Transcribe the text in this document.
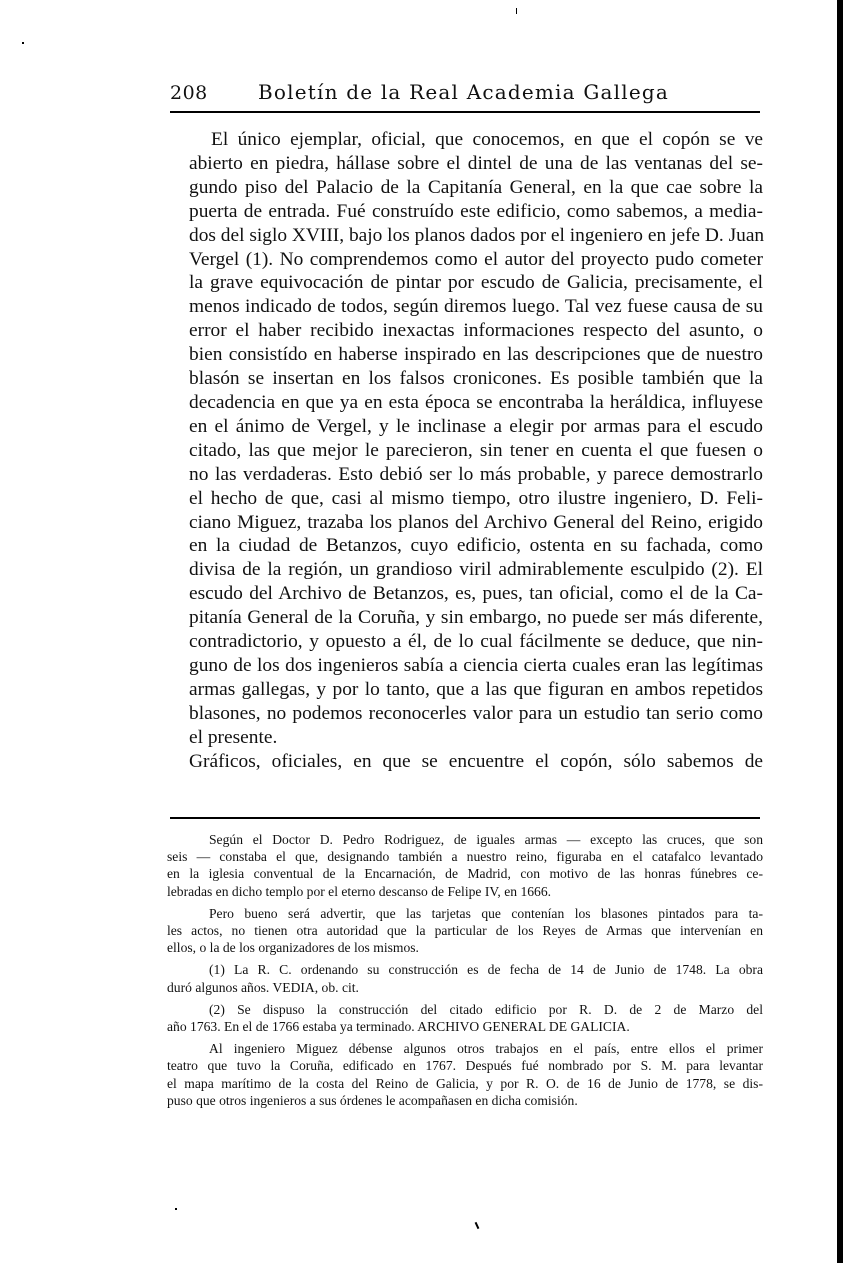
208	Boletín de la Real Academia Gallega

El único ejemplar, oficial, que conocemos, en que el copón se ve
abierto en piedra, hállase sobre el dintel de una de las ventanas del se-
gundo piso del Palacio de la Capitanía General, en la que cae sobre la
puerta de entrada. Fué construído este edificio, como sabemos, a media-
dos del siglo XVIII, bajo los planos dados por el ingeniero en jefe D. Juan
Vergel (1). No comprendemos como el autor del proyecto pudo cometer
la grave equivocación de pintar por escudo de Galicia, precisamente, el
menos indicado de todos, según diremos luego. Tal vez fuese causa de su
error el haber recibido inexactas informaciones respecto del asunto, o
bien consistído en haberse inspirado en las descripciones que de nuestro
blasón se insertan en los falsos cronicones. Es posible también que la
decadencia en que ya en esta época se encontraba la heráldica, influyese
en el ánimo de Vergel, y le inclinase a elegir por armas para el escudo
citado, las que mejor le parecieron, sin tener en cuenta el que fuesen o
no las verdaderas. Esto debió ser lo más probable, y parece demostrarlo
el hecho de que, casi al mismo tiempo, otro ilustre ingeniero, D. Feli-
ciano Miguez, trazaba los planos del Archivo General del Reino, erigido
en la ciudad de Betanzos, cuyo edificio, ostenta en su fachada, como
divisa de la región, un grandioso viril admirablemente esculpido (2). El
escudo del Archivo de Betanzos, es, pues, tan oficial, como el de la Ca-
pitanía General de la Coruña, y sin embargo, no puede ser más diferente,
contradictorio, y opuesto a él, de lo cual fácilmente se deduce, que nin-
guno de los dos ingenieros sabía a ciencia cierta cuales eran las legítimas
armas gallegas, y por lo tanto, que a las que figuran en ambos repetidos
blasones, no podemos reconocerles valor para un estudio tan serio como
el presente.

Gráficos, oficiales, en que se encuentre el copón, sólo sabemos de

Según el Doctor D. Pedro Rodriguez, de iguales armas — excepto las cruces, que son
seis — constaba el que, designando también a nuestro reino, figuraba en el catafalco levantado
en la iglesia conventual de la Encarnación, de Madrid, con motivo de las honras fúnebres ce-
lebradas en dicho templo por el eterno descanso de Felipe IV, en 1666.

Pero bueno será advertir, que las tarjetas que contenían los blasones pintados para ta-
les actos, no tienen otra autoridad que la particular de los Reyes de Armas que intervenían en
ellos, o la de los organizadores de los mismos.

(1) La R. C. ordenando su construcción es de fecha de 14 de Junio de 1748. La obra
duró algunos años. VEDIA, ob. cit.

(2) Se dispuso la construcción del citado edificio por R. D. de 2 de Marzo del
año 1763. En el de 1766 estaba ya terminado. ARCHIVO GENERAL DE GALICIA.

Al ingeniero Miguez débense algunos otros trabajos en el país, entre ellos el primer
teatro que tuvo la Coruña, edificado en 1767. Después fué nombrado por S. M. para levantar
el mapa marítimo de la costa del Reino de Galicia, y por R. O. de 16 de Junio de 1778, se dis-
puso que otros ingenieros a sus órdenes le acompañasen en dicha comisión.
